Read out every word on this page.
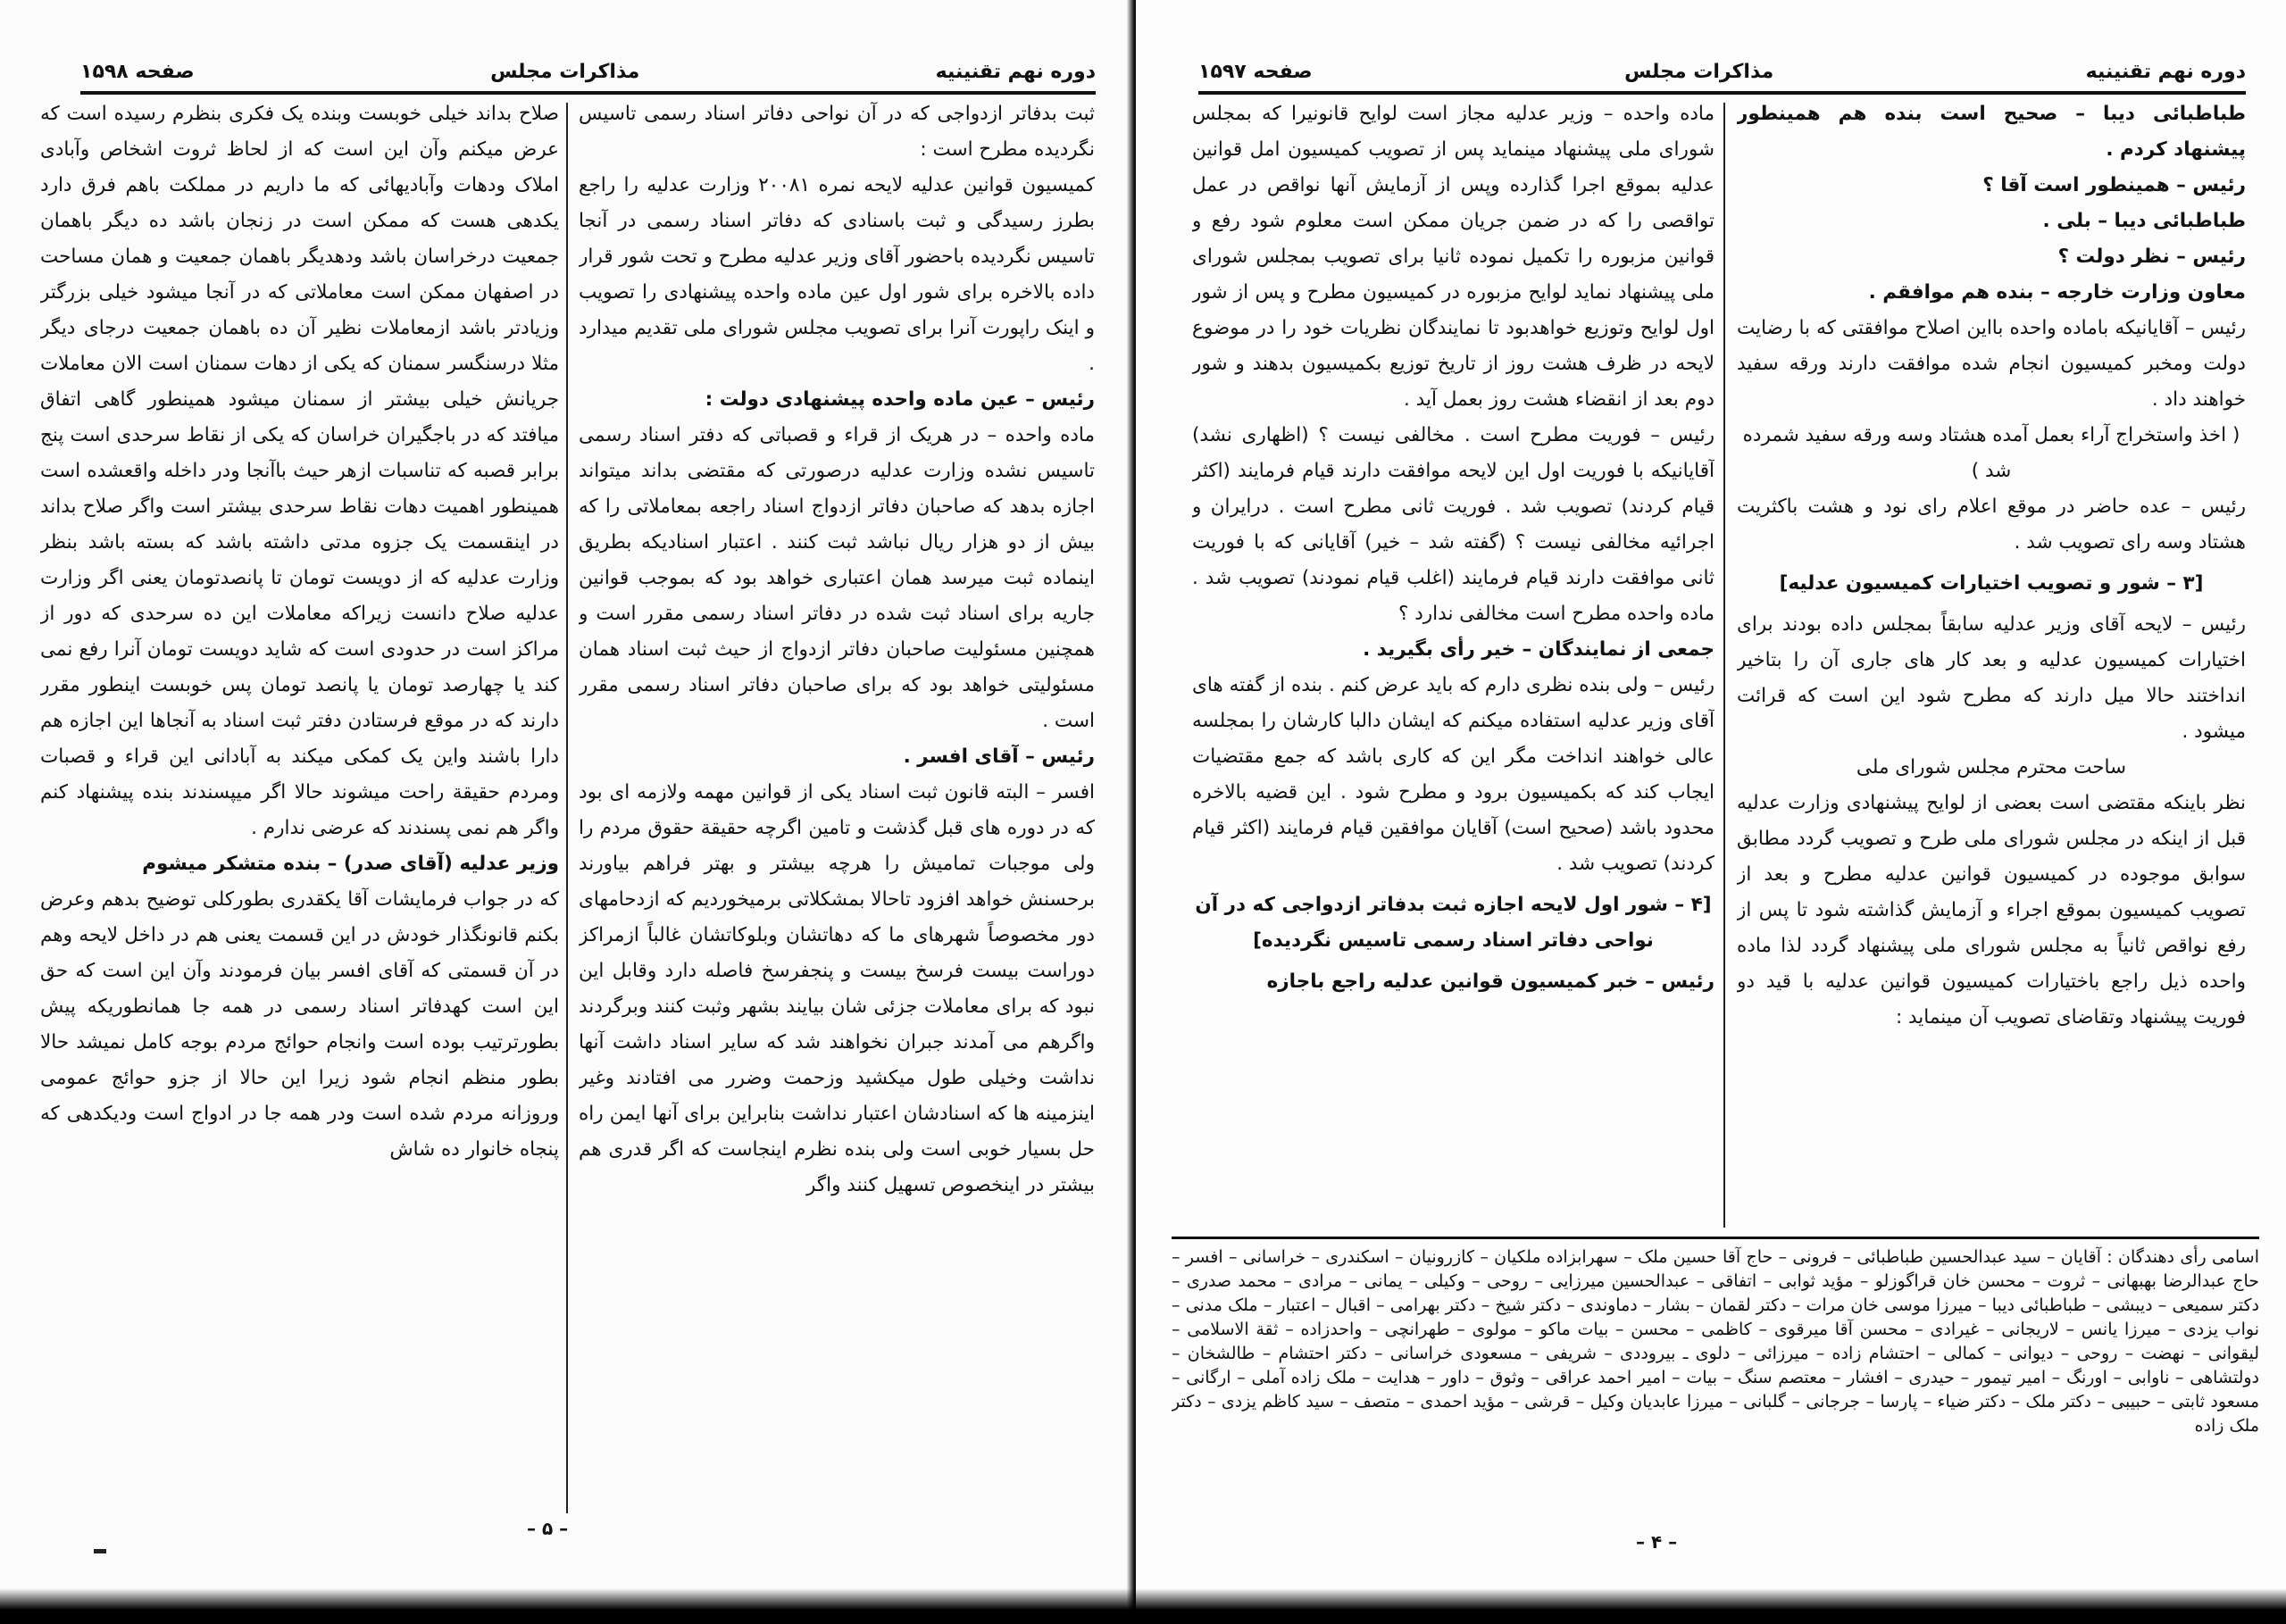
دوره نهم تقنینیه
مذاکرات مجلس
صفحه ۱۵۹۸

ثبت بدفاتر ازدواجی که در آن نواحی دفاتر اسناد رسمی تاسیس نگردیده مطرح است :

کمیسیون قوانین عدلیه لایحه نمره ۲۰۰۸۱ وزارت عدلیه را راجع بطرز رسیدگی و ثبت باسنادی که دفاتر اسناد رسمی در آنجا تاسیس نگردیده باحضور آقای وزیر عدلیه مطرح و تحت شور قرار داده بالاخره برای شور اول عین ماده واحده پیشنهادی را تصویب و اینک راپورت آنرا برای تصویب مجلس شورای ملی تقدیم میدارد .

رئیس – عین ماده واحده پیشنهادی دولت :

ماده واحده – در هریک از قراء و قصباتی که دفتر اسناد رسمی تاسیس نشده وزارت عدلیه درصورتی که مقتضی بداند میتواند اجازه بدهد که صاحبان دفاتر ازدواج اسناد راجعه بمعاملاتی را که بیش از دو هزار ریال نباشد ثبت کنند . اعتبار اسنادیکه بطریق اینماده ثبت میرسد همان اعتباری خواهد بود که بموجب قوانین جاریه برای اسناد ثبت شده در دفاتر اسناد رسمی مقرر است و همچنین مسئولیت صاحبان دفاتر ازدواج از حیث ثبت اسناد همان مسئولیتی خواهد بود که برای صاحبان دفاتر اسناد رسمی مقرر است .

رئیس – آقای افسر .

افسر – البته قانون ثبت اسناد یکی از قوانین مهمه ولازمه ای بود که در دوره های قبل گذشت و تامین اگرچه حقیقة حقوق مردم را ولی موجبات تمامیش را هرچه بیشتر و بهتر فراهم بیاورند برحسنش خواهد افزود تاحالا بمشکلاتی برمیخوردیم که ازدحامهای دور مخصوصاً شهرهای ما که دهاتشان وبلوکاتشان غالباً ازمراکز دوراست بیست فرسخ بیست و پنجفرسخ فاصله دارد وقابل این نبود که برای معاملات جزئی شان بیایند بشهر وثبت کنند وبرگردند واگرهم می آمدند جبران نخواهند شد که سایر اسناد داشت آنها نداشت وخیلی طول میکشید وزحمت وضرر می افتادند وغیر اینزمینه ها که اسنادشان اعتبار نداشت بنابراین برای آنها ایمن راه حل بسیار خوبی است ولی بنده نظرم اینجاست که اگر قدری هم بیشتر در اینخصوص تسهیل کنند واگر

صلاح بداند خیلی خوبست وبنده یک فکری بنظرم رسیده است که عرض میکنم وآن این است که از لحاظ ثروت اشخاص وآبادی املاک ودهات وآبادیهائی که ما داریم در مملکت باهم فرق دارد یکدهی هست که ممکن است در زنجان باشد ده دیگر باهمان جمعیت درخراسان باشد ودهدیگر باهمان جمعیت و همان مساحت در اصفهان ممکن است معاملاتی که در آنجا میشود خیلی بزرگتر وزیادتر باشد ازمعاملات نظیر آن ده باهمان جمعیت درجای دیگر مثلا درسنگسر سمنان که یکی از دهات سمنان است الان معاملات جریانش خیلی بیشتر از سمنان میشود همینطور گاهی اتفاق میافتد که در باجگیران خراسان که یکی از نقاط سرحدی است پنج برابر قصبه که تناسبات ازهر حیث باآنجا ودر داخله واقعشده است همینطور اهمیت دهات نقاط سرحدی بیشتر است واگر صلاح بداند در اینقسمت یک جزوه مدتی داشته باشد که بسته باشد بنظر وزارت عدلیه که از دویست تومان تا پانصدتومان یعنی اگر وزارت عدلیه صلاح دانست زیراکه معاملات این ده سرحدی که دور از مراکز است در حدودی است که شاید دویست تومان آنرا رفع نمی کند یا چهارصد تومان یا پانصد تومان پس خوبست اینطور مقرر دارند که در موقع فرستادن دفتر ثبت اسناد به آنجاها این اجازه هم دارا باشند واین یک کمکی میکند به آبادانی این قراء و قصبات ومردم حقیقة راحت میشوند حالا اگر میپسندند بنده پیشنهاد کنم واگر هم نمی پسندند که عرضی ندارم .

وزیر عدلیه (آقای صدر) – بنده متشکر میشوم

که در جواب فرمایشات آقا یکقدری بطورکلی توضیح بدهم وعرض بکنم قانونگذار خودش در این قسمت یعنی هم در داخل لایحه وهم در آن قسمتی که آقای افسر بیان فرمودند وآن این است که حق این است کهدفاتر اسناد رسمی در همه جا همانطوریکه پیش بطورترتیب بوده است وانجام حوائج مردم بوجه کامل نمیشد حالا بطور منظم انجام شود زیرا این حالا از جزو حوائج عمومی وروزانه مردم شده است ودر همه جا در ادواج است ودیکدهی که پنجاه خانوار ده شاش

– ۵ –
دوره نهم تقنینیه
مذاکرات مجلس
صفحه ۱۵۹۷

طباطبائی دیبا – صحیح است بنده هم همینطور پیشنهاد کردم .

رئیس – همینطور است آقا ؟

طباطبائی دیبا – بلی .

رئیس – نظر دولت ؟

معاون وزارت خارجه – بنده هم موافقم .

رئیس – آقایانیکه باماده واحده بااین اصلاح موافقتی که با رضایت دولت ومخبر کمیسیون انجام شده موافقت دارند ورقه سفید خواهند داد .

( اخذ واستخراج آراء بعمل آمده هشتاد وسه ورقه سفید شمرده شد )

رئیس – عده حاضر در موقع اعلام رای نود و هشت باکثریت هشتاد وسه رای تصویب شد .

[۳ – شور و تصویب اختیارات کمیسیون عدلیه]

رئیس – لایحه آقای وزیر عدلیه سابقاً بمجلس داده بودند برای اختیارات کمیسیون عدلیه و بعد کار های جاری آن را بتاخیر انداختند حالا میل دارند که مطرح شود این است که قرائت میشود .

ساحت محترم مجلس شورای ملی

نظر باینکه مقتضی است بعضی از لوایح پیشنهادی وزارت عدلیه قبل از اینکه در مجلس شورای ملی طرح و تصویب گردد مطابق سوابق موجوده در کمیسیون قوانین عدلیه مطرح و بعد از تصویب کمیسیون بموقع اجراء و آزمایش گذاشته شود تا پس از رفع نواقص ثانیاً به مجلس شورای ملی پیشنهاد گردد لذا ماده واحده ذیل راجع باختیارات کمیسیون قوانین عدلیه با قید دو فوریت پیشنهاد وتقاضای تصویب آن مینماید :

ماده واحده – وزیر عدلیه مجاز است لوایح قانونیرا که بمجلس شورای ملی پیشنهاد مینماید پس از تصویب کمیسیون امل قوانین عدلیه بموقع اجرا گذارده وپس از آزمایش آنها نواقص در عمل تواقصی را که در ضمن جریان ممکن است معلوم شود رفع و قوانین مزبوره را تکمیل نموده ثانیا برای تصویب بمجلس شورای ملی پیشنهاد نماید لوایح مزبوره در کمیسیون مطرح و پس از شور اول لوایح وتوزیع خواهدبود تا نمایندگان نظریات خود را در موضوع لایحه در ظرف هشت روز از تاریخ توزیع بکمیسیون بدهند و شور دوم بعد از انقضاء هشت روز بعمل آید .

رئیس – فوریت مطرح است . مخالفی نیست ؟ (اظهاری نشد) آقایانیکه با فوریت اول این لایحه موافقت دارند قیام فرمایند (اکثر قیام کردند) تصویب شد . فوریت ثانی مطرح است . درایران و اجرائیه مخالفی نیست ؟ (گفته شد – خیر) آقایانی که با فوریت ثانی موافقت دارند قیام فرمایند (اغلب قیام نمودند) تصویب شد . ماده واحده مطرح است مخالفی ندارد ؟

جمعی از نمایندگان – خیر رأی بگیرید .

رئیس – ولی بنده نظری دارم که باید عرض کنم . بنده از گفته های آقای وزیر عدلیه استفاده میکنم که ایشان دالبا کارشان را بمجلسه عالی خواهند انداخت مگر این که کاری باشد که جمع مقتضیات ایجاب کند که بکمیسیون برود و مطرح شود . این قضیه بالاخره محدود باشد (صحیح است) آقایان موافقین قیام فرمایند (اکثر قیام کردند) تصویب شد .

[۴ – شور اول لایحه اجازه ثبت بدفاتر ازدواجی که در آن نواحی دفاتر اسناد رسمی تاسیس نگردیده]

رئیس – خبر کمیسیون قوانین عدلیه راجع باجازه

اسامی رأی دهندگان : آقایان – سید عبدالحسین طباطبائی – فرونی – حاج آقا حسین ملک – سهرابزاده ملکیان – کازرونیان – اسکندری – خراسانی – افسر – حاج عبدالرضا بهبهانی – ثروت – محسن خان قراگوزلو – مؤید ثوابی – اتفاقی – عبدالحسین میرزایی – روحی – وکیلی – یمانی – مرادی – محمد صدری – دکتر سمیعی – دیبشی – طباطبائی دیبا – میرزا موسی خان مرات – دکتر لقمان – بشار – دماوندی – دکتر شیخ – دکتر بهرامی – اقبال – اعتبار – ملک مدنی – نواب یزدی – میرزا یانس – لاریجانی – غیرادی – محسن آقا میرقوی – کاظمی – محسن – بیات ماکو – مولوی – طهرانچی – واحدزاده – ثقة الاسلامی – لیقوانی – نهضت – روحی – دیوانی – کمالی – احتشام زاده – میرزائی – دلوی ـ بیروددی – شریفی – مسعودی خراسانی – دکتر احتشام – طالشخان – دولتشاهی – ناوابی – اورنگ – امیر تیمور – حیدری – افشار – معتصم سنگ – بیات – امیر احمد عراقی – وثوق – داور – هدایت – ملک زاده آملی – ارگانی – مسعود ثابتی – حبیبی – دکتر ملک – دکتر ضیاء – پارسا – جرجانی – گلبانی – میرزا عابدیان وکیل – قرشی – مؤید احمدی – متصف – سید کاظم یزدی – دکتر ملک زاده

– ۴ –
